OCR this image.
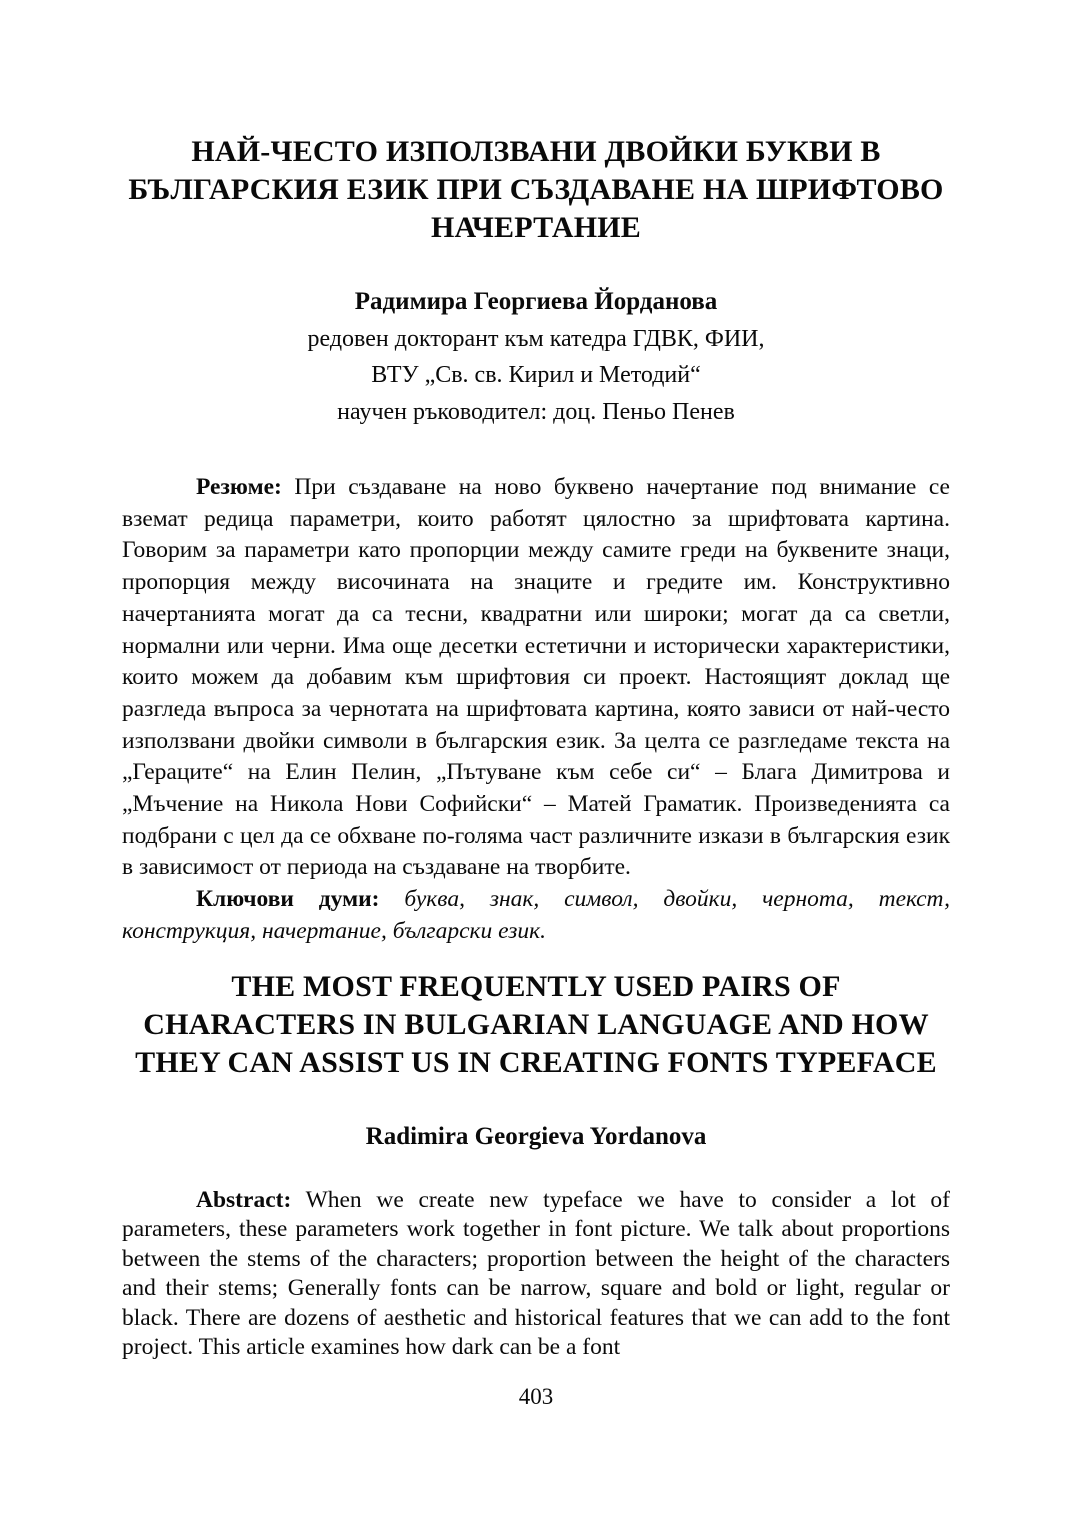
НАЙ-ЧЕСТО ИЗПОЛЗВАНИ ДВОЙКИ БУКВИ В
БЪЛГАРСКИЯ ЕЗИК ПРИ СЪЗДАВАНЕ НА ШРИФТОВО
НАЧЕРТАНИЕ
Радимира Георгиева Йорданова
редовен докторант към катедра ГДВК, ФИИ,
ВТУ „Св. св. Кирил и Методий“
научен ръководител: доц. Пеньо Пенев

Резюме: При създаване на ново буквено начертание под внимание се вземат редица параметри, които работят цялостно за шрифтовата картина. Говорим за параметри като пропорции между самите греди на буквените знаци, пропорция между височината на знаците и гредите им. Конструктивно начертанията могат да са тесни, квадратни или широки; могат да са светли, нормални или черни. Има още десетки естетични и исторически характеристики, които можем да добавим към шрифтовия си проект. Настоящият доклад ще разгледа въпроса за чернотата на шрифтовата картина, която зависи от най-често използвани двойки символи в българския език. За целта се разгледаме текста на „Гераците“ на Елин Пелин, „Пътуване към себе си“ – Блага Димитрова и „Мъчение на Никола Нови Софийски“ – Матей Граматик. Произведенията са подбрани с цел да се обхване по-голяма част различните изкази в българския език в зависимост от периода на създаване на творбите.

Ключови думи: буква, знак, символ, двойки, чернота, текст, конструкция, начертание, български език.

THE MOST FREQUENTLY USED PAIRS OF
CHARACTERS IN BULGARIAN LANGUAGE AND HOW
THEY CAN ASSIST US IN CREATING FONTS TYPEFACE
Radimira Georgieva Yordanova

Abstract: When we create new typeface we have to consider a lot of parameters, these parameters work together in font picture. We talk about proportions between the stems of the characters; proportion between the height of the characters and their stems; Generally fonts can be narrow, square and bold or light, regular or black. There are dozens of aesthetic and historical features that we can add to the font project. This article examines how dark can be a font

403
